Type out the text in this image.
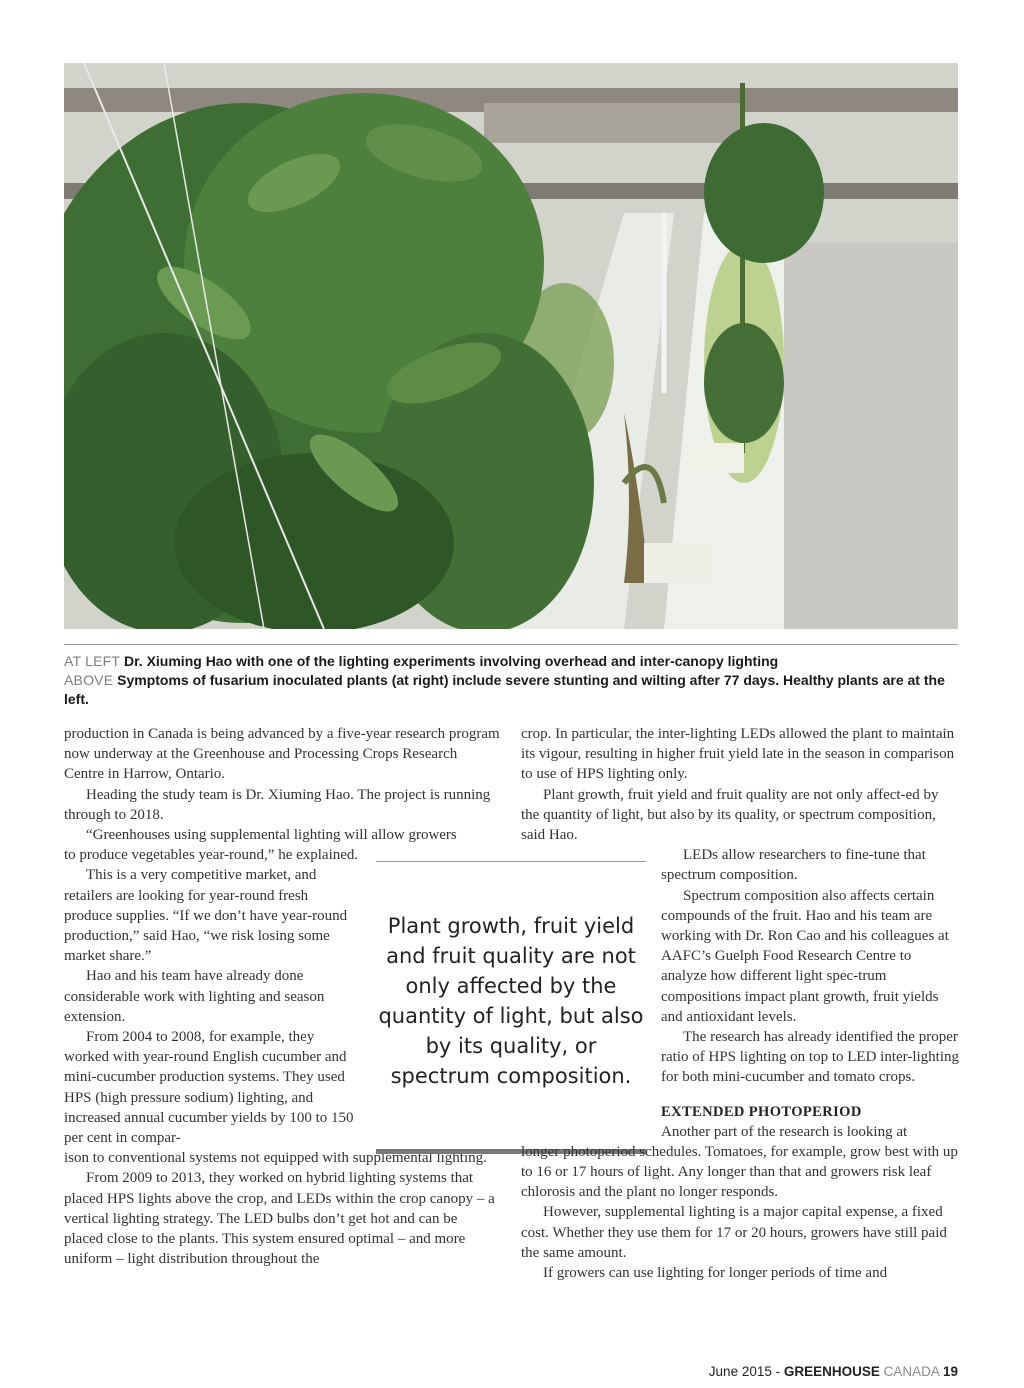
AT LEFT Dr. Xiuming Hao with one of the lighting experiments involving overhead and inter-canopy lighting
ABOVE Symptoms of fusarium inoculated plants (at right) include severe stunting and wilting after 77 days. Healthy plants are at the left.

production in Canada is being advanced by a five-year research program now underway at the Greenhouse and Processing Crops Research Centre in Harrow, Ontario.

Heading the study team is Dr. Xiuming Hao. The project is running through to 2018.

“Greenhouses using supplemental lighting will allow growers

to produce vegetables year-round,” he explained.

This is a very competitive market, and retailers are looking for year-round fresh produce supplies. “If we don’t have year-round production,” said Hao, “we risk losing some market share.”

Hao and his team have already done considerable work with lighting and season extension.

From 2004 to 2008, for example, they worked with year-round English cucumber and mini-cucumber production systems. They used HPS (high pressure sodium) lighting, and increased annual cucumber yields by 100 to 150 per cent in compar-

ison to conventional systems not equipped with supplemental lighting.

From 2009 to 2013, they worked on hybrid lighting systems that placed HPS lights above the crop, and LEDs within the crop canopy – a vertical lighting strategy. The LED bulbs don’t get hot and can be placed close to the plants. This system ensured optimal – and more uniform – light distribution throughout the

Plant growth, fruit yield and fruit quality are not only affected by the quantity of light, but also by its quality, or spectrum composition.

crop. In particular, the inter-lighting LEDs allowed the plant to maintain its vigour, resulting in higher fruit yield late in the season in comparison to use of HPS lighting only.

Plant growth, fruit yield and fruit quality are not only affect-ed by the quantity of light, but also by its quality, or spectrum composition, said Hao.

LEDs allow researchers to fine-tune that spectrum composition.

Spectrum composition also affects certain compounds of the fruit. Hao and his team are working with Dr. Ron Cao and his colleagues at AAFC’s Guelph Food Research Centre to analyze how different light spec-trum compositions impact plant growth, fruit yields and antioxidant levels.

The research has already identified the proper ratio of HPS lighting on top to LED inter-lighting for both mini-cucumber and tomato crops.

EXTENDED PHOTOPERIOD

Another part of the research is looking at

longer photoperiod schedules. Tomatoes, for example, grow best with up to 16 or 17 hours of light. Any longer than that and growers risk leaf chlorosis and the plant no longer responds.

However, supplemental lighting is a major capital expense, a fixed cost. Whether they use them for 17 or 20 hours, growers have still paid the same amount.

If growers can use lighting for longer periods of time and

June 2015 - GREENHOUSE CANADA 19
